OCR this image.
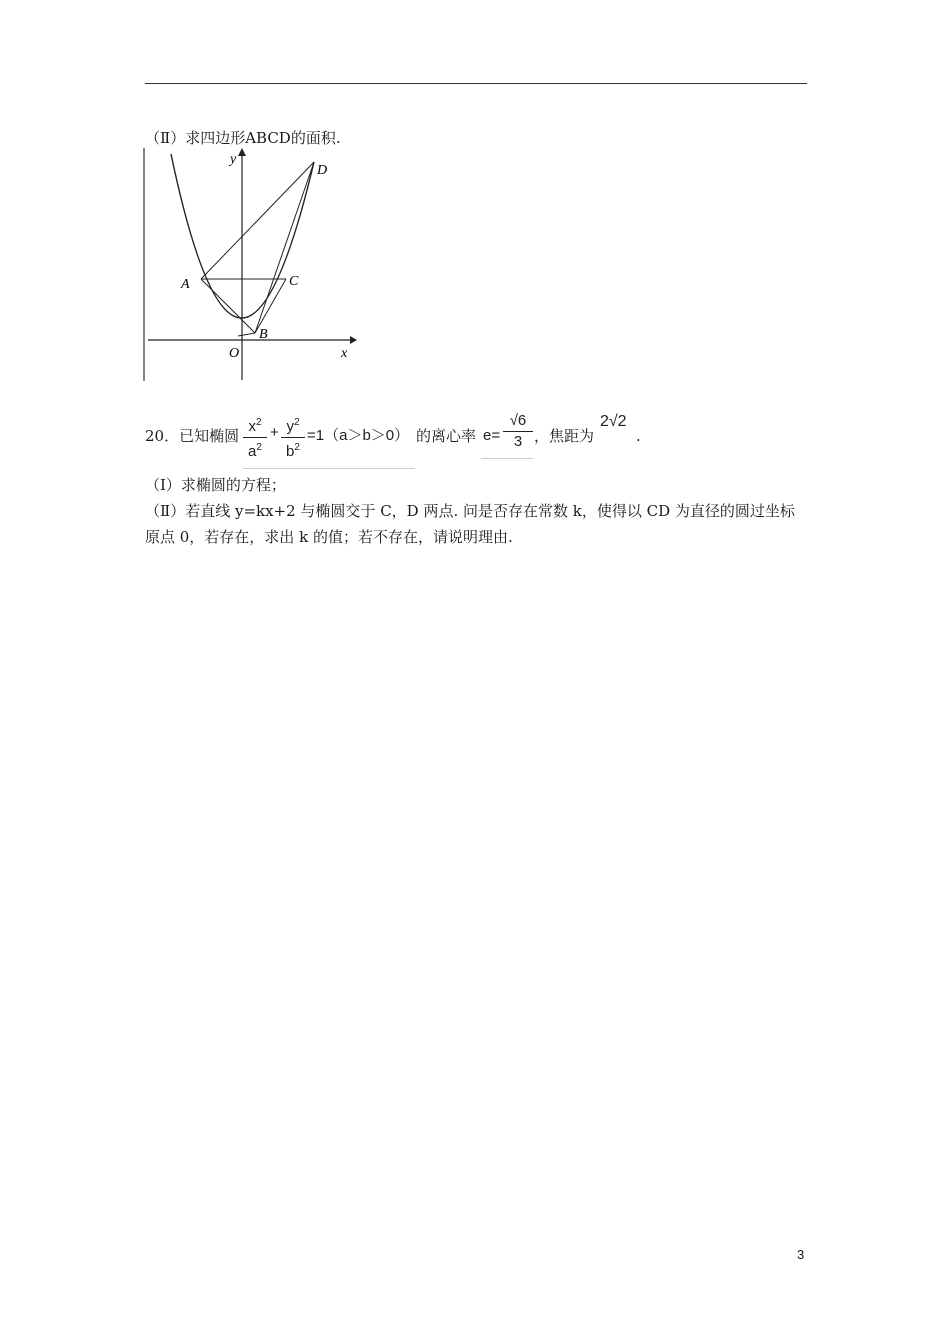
（Ⅱ）求四边形ABCD的面积.
y
x
O
A
B
C
D
20．已知椭圆
$x^2$
$a^2$
+ $y^2$
$b^2$
=1（a＞b＞0） 的离心率 e=
√6
3 ，焦距为
2√2
.
（Ⅰ）求椭圆的方程；
（Ⅱ）若直线 y=kx+2 与椭圆交于 C，D 两点. 问是否存在常数 k，使得以 CD 为直径的圆过坐标
原点 0，若存在，求出 k 的值；若不存在，请说明理由.
3
